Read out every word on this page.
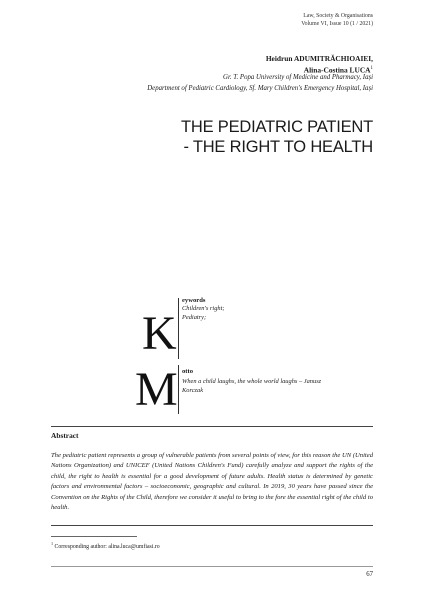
Law, Society & Organisations
Volume VI, Issue 10 (1 / 2021)
Heidrun ADUMITRĂCHIOAIEI,
Alina-Costina LUCA$^1$
Gr. T. Popa University of Medicine and Pharmacy, Iași
Department of Pediatric Cardiology, Sf. Mary Children's Emergency Hospital, Iași
THE PEDIATRIC PATIENT
- THE RIGHT TO HEALTH
K
eywords
Children's right;
Pediatry;
M otto
When a child laughs, the whole world laughs – Janusz
Korczak
Abstract
The pediatric patient represents a group of vulnerable patients from several points of view, for this reason the UN (United Nations Organization) and UNICEF (United Nations Children's Fund) carefully analyze and support the rights of the child, the right to health is essential for a good development of future adults. Health status is determined by genetic factors and environmental factors – socioeconomic, geographic and cultural. In 2019, 30 years have passed since the Convention on the Rights of the Child, therefore we consider it useful to bring to the fore the essential right of the child to health.
$^1$ Corresponding author: alina.luca@umfiasi.ro
67
